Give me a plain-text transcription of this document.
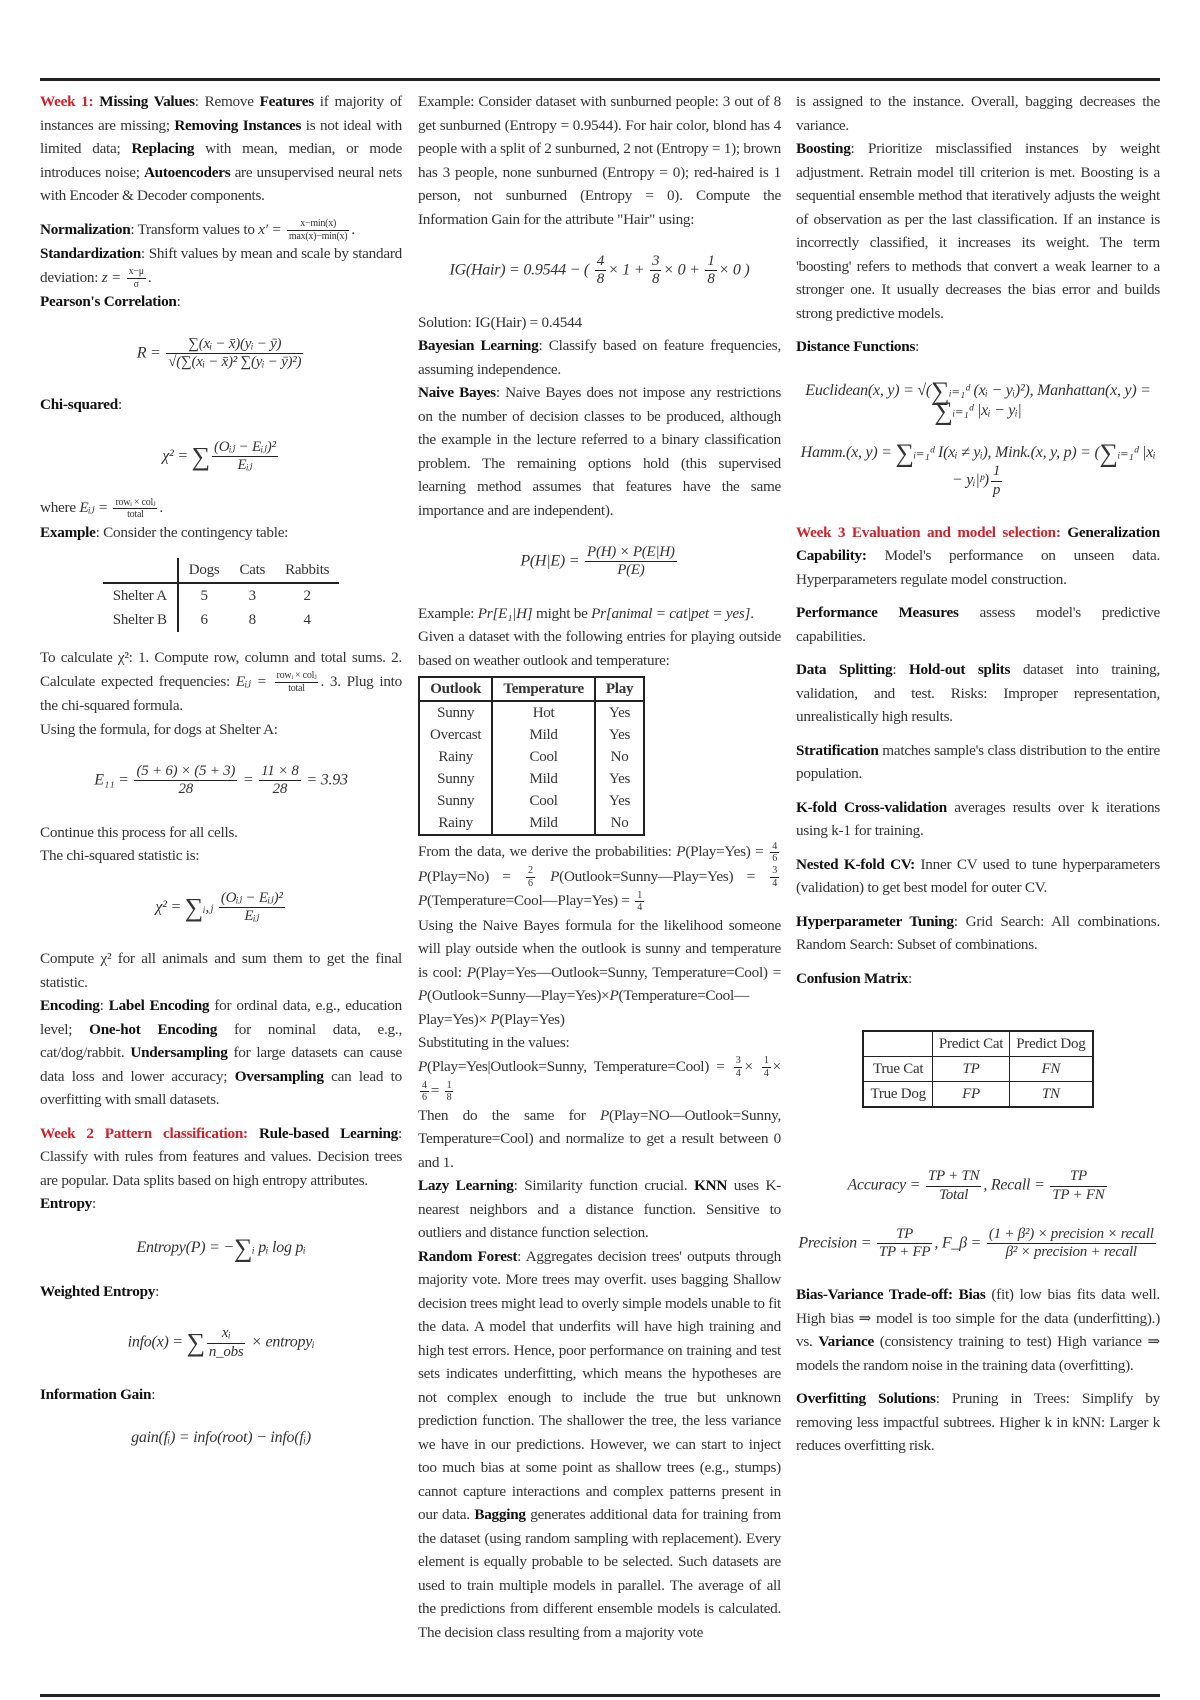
Week 1: Missing Values: Remove Features if majority of instances are missing; Removing Instances is not ideal with limited data; Replacing with mean, median, or mode introduces noise; Autoencoders are unsupervised neural nets with Encoder & Decoder components.
Normalization: Transform values to $x' = \frac{x-\min(x)}{\max(x)-\min(x)}$ .
Standardization: Shift values by mean and scale by standard deviation: $z = \frac{x-\mu}{\sigma}$ .
Pearson's Correlation:
$R = \frac{\text{∑(xᵢ − x̄)(yᵢ − ȳ)}}{\text{√(∑(xᵢ − x̄)² ∑(yᵢ − ȳ)²)}}$
Chi-squared:
χ² = ∑ $\frac{\text{(Oᵢⱼ − Eᵢⱼ)²}}{\text{Eᵢⱼ}}$
where Eᵢⱼ = $\frac{\text{rowᵢ × colⱼ}}{\text{total}}$ .
Example: Consider the contingency table:
	Dogs	Cats	Rabbits
Shelter A	5	3	2
Shelter B	6	8	4
To calculate χ²: 1. Compute row, column and total sums. 2. Calculate expected frequencies: Eᵢⱼ = $\frac{\text{rowᵢ × colⱼ}}{\text{total}}$ . 3. Plug into the chi-squared formula.
Using the formula, for dogs at Shelter A:
$E_{11} = \frac{(5 + 6) \times (5 + 3)}{28} = \frac{11 \times 8}{28} = 3.93$
Continue this process for all cells.
The chi-squared statistic is:
χ² = ∑ᵢ,ⱼ $\frac{\text{(Oᵢⱼ − Eᵢⱼ)²}}{\text{Eᵢⱼ}}$
Compute χ² for all animals and sum them to get the final statistic.
Encoding: Label Encoding for ordinal data, e.g., education level; One-hot Encoding for nominal data, e.g., cat/dog/rabbit. Undersampling for large datasets can cause data loss and lower accuracy; Oversampling can lead to overfitting with small datasets.
Week 2 Pattern classification: Rule-based Learning: Classify with rules from features and values. Decision trees are popular. Data splits based on high entropy attributes.
Entropy:
Entropy(P) = −∑ᵢ pᵢ log pᵢ
Weighted Entropy:
info(x) = ∑ $\frac{\text{xᵢ}}{\text{n\_obs}}$ × entropyᵢ
Information Gain:
gain(fᵢ) = info(root) − info(fᵢ)
Example: Consider dataset with sunburned people: 3 out of 8 get sunburned (Entropy = 0.9544). For hair color, blond has 4 people with a split of 2 sunburned, 2 not (Entropy = 1); brown has 3 people, none sunburned (Entropy = 0); red-haired is 1 person, not sunburned (Entropy = 0). Compute the Information Gain for the attribute "Hair" using:
IG(Hair) = 0.9544 − ( $\frac{4}{8} \times 1 + \frac{3}{8} \times 0 + \frac{1}{8} \times 0$ )
Solution: IG(Hair) = 0.4544
Bayesian Learning: Classify based on feature frequencies, assuming independence.
Naive Bayes: Naive Bayes does not impose any restrictions on the number of decision classes to be produced, although the example in the lecture referred to a binary classification problem. The remaining options hold (this supervised learning method assumes that features have the same importance and are independent).
$P(H|E) = \frac{P(H) \times P(E|H)}{P(E)}$
Example: Pr[E₁|H] might be Pr[animal = cat|pet = yes].
Given a dataset with the following entries for playing outside based on weather outlook and temperature:
Outlook	Temperature	Play
Sunny	Hot	Yes
Overcast	Mild	Yes
Rainy	Cool	No
Sunny	Mild	Yes
Sunny	Cool	Yes
Rainy	Mild	No
From the data, we derive the probabilities: P(Play=Yes) = $\frac{4}{6}$
P(Play=No) = $\frac{2}{6}$ P(Outlook=Sunny—Play=Yes) = $\frac{3}{4}$
P(Temperature=Cool—Play=Yes) = $\frac{1}{4}$
Using the Naive Bayes formula for the likelihood someone will play outside when the outlook is sunny and temperature is cool: P(Play=Yes—Outlook=Sunny, Temperature=Cool) = P(Outlook=Sunny—Play=Yes)×P(Temperature=Cool—Play=Yes)× P(Play=Yes)
Substituting in the values:
P(Play=Yes|Outlook=Sunny, Temperature=Cool) = $\frac{3}{4} \times \frac{1}{4}$ ×
$\frac{4}{6} = \frac{1}{8}$
Then do the same for P(Play=NO—Outlook=Sunny, Temperature=Cool) and normalize to get a result between 0 and 1.
Lazy Learning: Similarity function crucial. KNN uses K-nearest neighbors and a distance function. Sensitive to outliers and distance function selection.
Random Forest: Aggregates decision trees' outputs through majority vote. More trees may overfit. uses bagging Shallow decision trees might lead to overly simple models unable to fit the data. A model that underfits will have high training and high test errors. Hence, poor performance on training and test sets indicates underfitting, which means the hypotheses are not complex enough to include the true but unknown prediction function. The shallower the tree, the less variance we have in our predictions. However, we can start to inject too much bias at some point as shallow trees (e.g., stumps) cannot capture interactions and complex patterns present in our data. Bagging generates additional data for training from the dataset (using random sampling with replacement). Every element is equally probable to be selected. Such datasets are used to train multiple models in parallel. The average of all the predictions from different ensemble models is calculated. The decision class resulting from a majority vote
is assigned to the instance. Overall, bagging decreases the variance.
Boosting: Prioritize misclassified instances by weight adjustment. Retrain model till criterion is met. Boosting is a sequential ensemble method that iteratively adjusts the weight of observation as per the last classification. If an instance is incorrectly classified, it increases its weight. The term 'boosting' refers to methods that convert a weak learner to a stronger one. It usually decreases the bias error and builds strong predictive models.
Distance Functions:
Euclidean(x, y) = √(∑ᵢ₌₁ᵈ (xᵢ − yᵢ)²), Manhattan(x, y) = ∑ᵢ₌₁ᵈ |xᵢ − yᵢ|
Hamm.(x, y) = ∑ᵢ₌₁ᵈ I(xᵢ ≠ yᵢ), Mink.(x, y, p) = (∑ᵢ₌₁ᵈ |xᵢ − yᵢ|ᵖ) $\frac{1}{p}$
Week 3 Evaluation and model selection: Generalization Capability: Model's performance on unseen data. Hyperparameters regulate model construction.
Performance Measures assess model's predictive capabilities.
Data Splitting: Hold-out splits dataset into training, validation, and test. Risks: Improper representation, unrealistically high results.
Stratification matches sample's class distribution to the entire population.
K-fold Cross-validation averages results over k iterations using k-1 for training.
Nested K-fold CV: Inner CV used to tune hyperparameters (validation) to get best model for outer CV.
Hyperparameter Tuning: Grid Search: All combinations. Random Search: Subset of combinations.
Confusion Matrix:
	Predict Cat	Predict Dog
True Cat	TP	FN
True Dog	FP	TN
Accuracy = $\frac{TP + TN}{\text{Total}}$ , Recall = $\frac{TP}{TP + FN}$
Precision = $\frac{TP}{TP + FP}$ , F_β = $\frac{\text{(1 + β²) × precision × recall}}{\text{β² × precision + recall}}$
Bias-Variance Trade-off: Bias (fit) low bias fits data well. High bias ⇒ model is too simple for the data (underfitting).) vs. Variance (consistency training to test) High variance ⇒ models the random noise in the training data (overfitting).
Overfitting Solutions: Pruning in Trees: Simplify by removing less impactful subtrees. Higher k in kNN: Larger k reduces overfitting risk.
